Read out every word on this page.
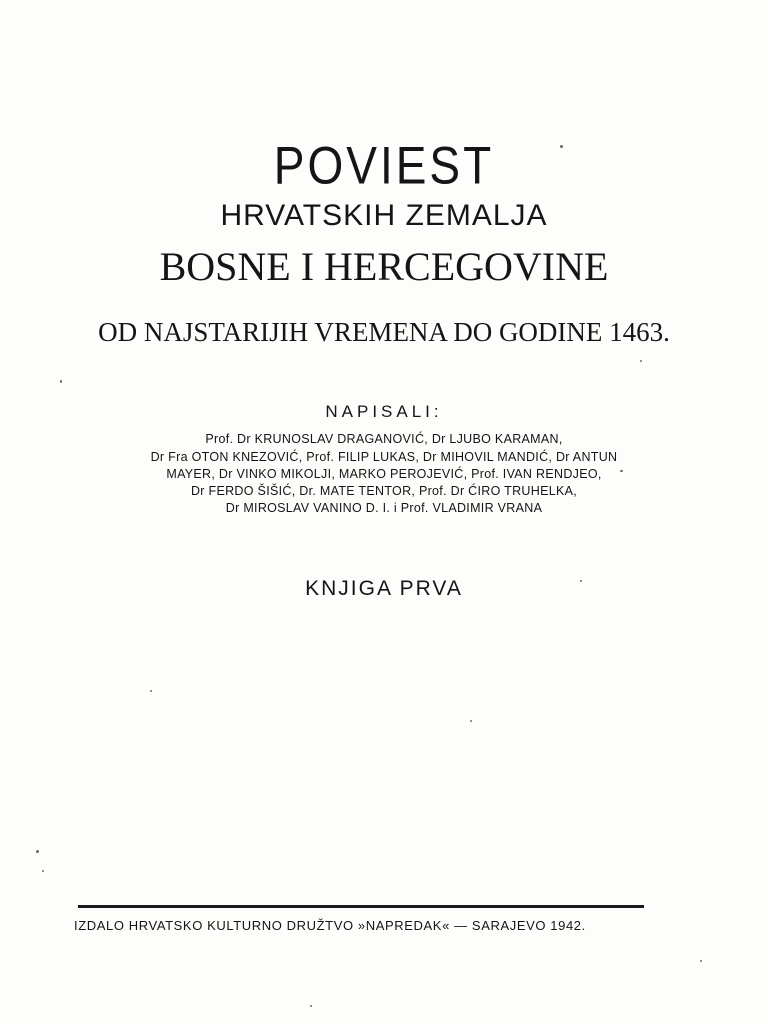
POVIEST
HRVATSKIH ZEMALJA
BOSNE I HERCEGOVINE
OD NAJSTARIJIH VREMENA DO GODINE 1463.
NAPISALI:
Prof. Dr KRUNOSLAV DRAGANOVIĆ, Dr LJUBO KARAMAN,
Dr Fra OTON KNEZOVIĆ, Prof. FILIP LUKAS, Dr MIHOVIL MANDIĆ, Dr ANTUN
MAYER, Dr VINKO MIKOLJI, MARKO PEROJEVIĆ, Prof. IVAN RENDJEO,
Dr FERDO ŠIŠIĆ, Dr. MATE TENTOR, Prof. Dr ĆIRO TRUHELKA,
Dr MIROSLAV VANINO D. I. i Prof. VLADIMIR VRANA
KNJIGA PRVA
IZDALO HRVATSKO KULTURNO DRUŽTVO »NAPREDAK« — SARAJEVO 1942.
